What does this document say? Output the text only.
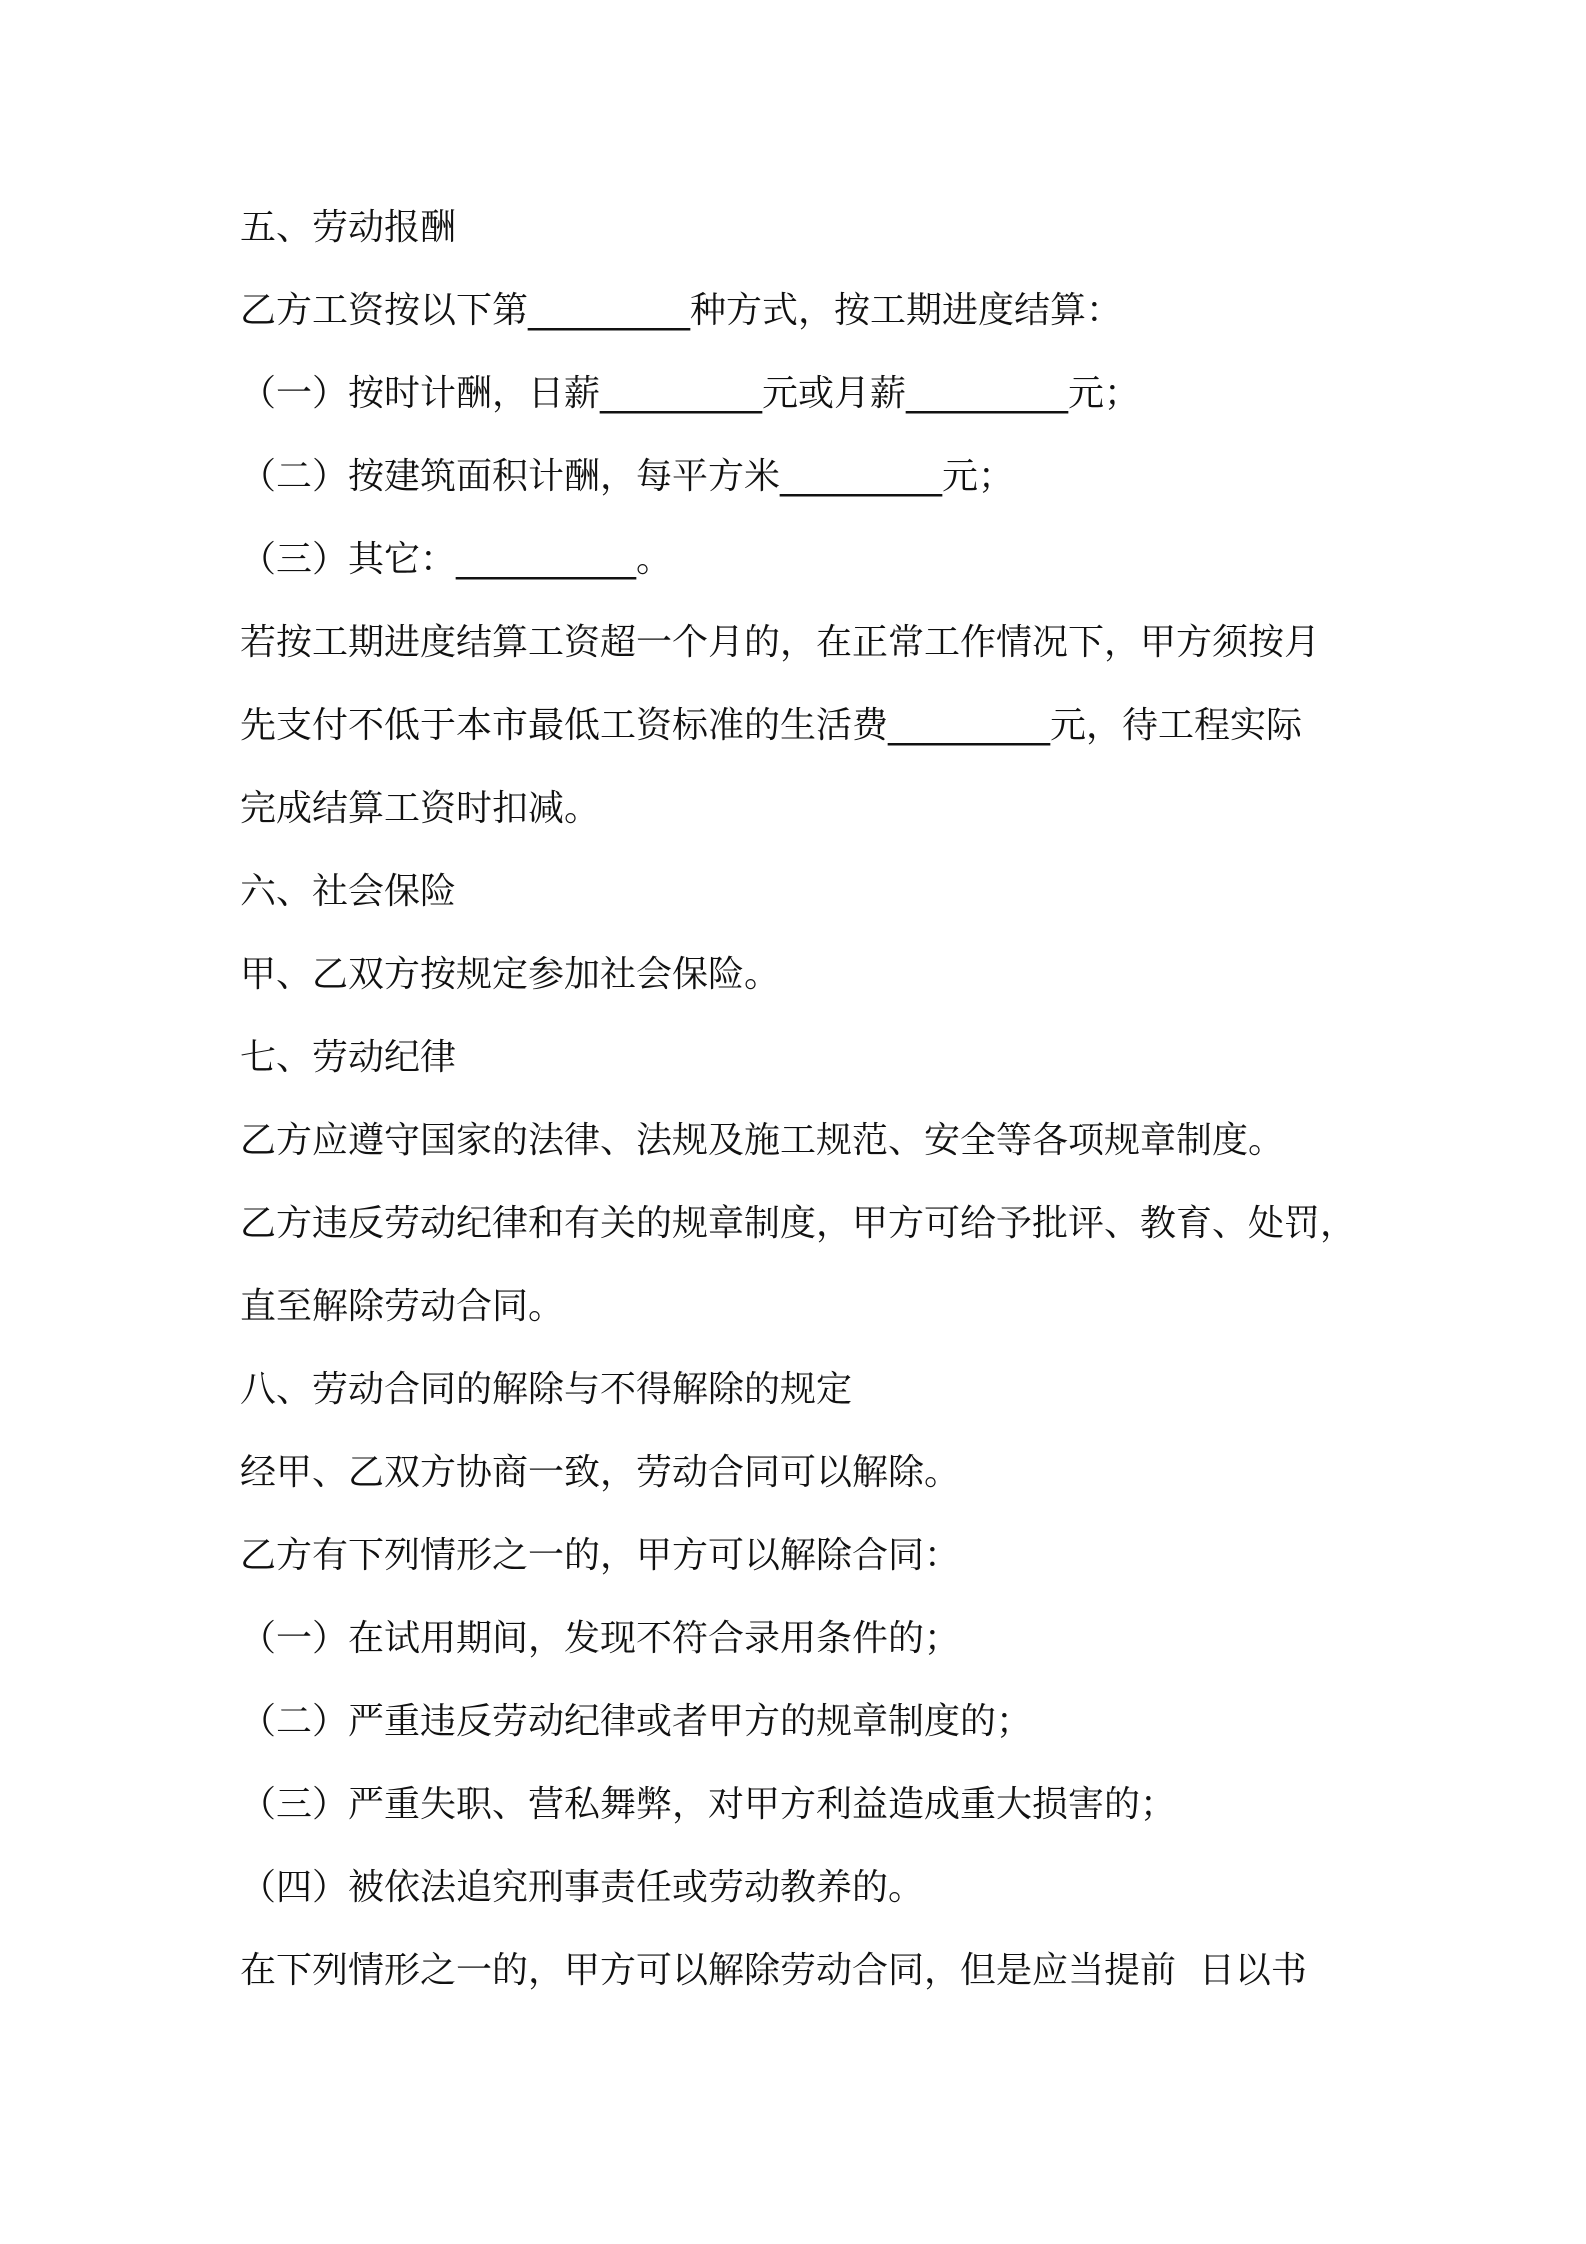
五、劳动报酬
乙方工资按以下第_________种方式，按工期进度结算：
（一）按时计酬，日薪_________元或月薪_________元；
（二）按建筑面积计酬，每平方米_________元；
（三）其它：__________。
若按工期进度结算工资超一个月的，在正常工作情况下，甲方须按月
先支付不低于本市最低工资标准的生活费_________元，待工程实际
完成结算工资时扣减。
六、社会保险
甲、乙双方按规定参加社会保险。
七、劳动纪律
乙方应遵守国家的法律、法规及施工规范、安全等各项规章制度。
乙方违反劳动纪律和有关的规章制度，甲方可给予批评、教育、处罚，
直至解除劳动合同。
八、劳动合同的解除与不得解除的规定
经甲、乙双方协商一致，劳动合同可以解除。
乙方有下列情形之一的，甲方可以解除合同：
（一）在试用期间，发现不符合录用条件的；
（二）严重违反劳动纪律或者甲方的规章制度的；
（三）严重失职、营私舞弊，对甲方利益造成重大损害的；
（四）被依法追究刑事责任或劳动教养的。
在下列情形之一的，甲方可以解除劳动合同，但是应当提前  日以书
